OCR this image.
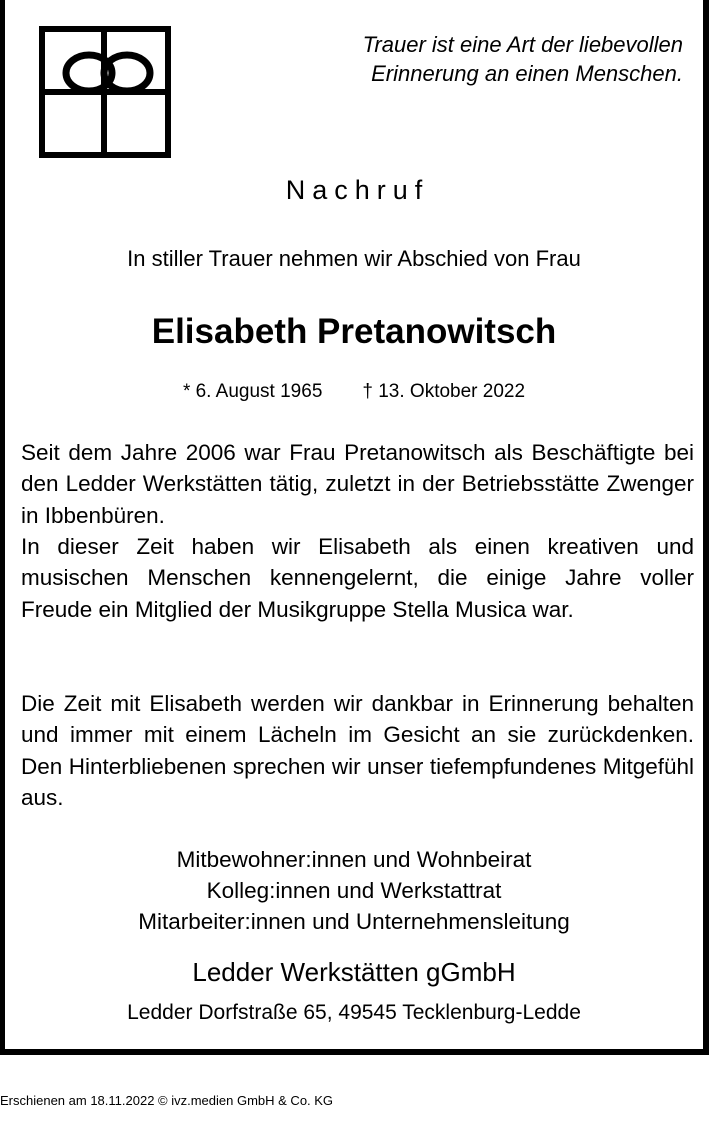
Trauer ist eine Art der liebevollen
Erinnerung an einen Menschen.
Nachruf
In stiller Trauer nehmen wir Abschied von Frau
Elisabeth Pretanowitsch
* 6. August 1965 † 13. Oktober 2022
Seit dem Jahre 2006 war Frau Pretanowitsch als Beschäftigte bei den Ledder Werkstätten tätig, zuletzt in der Betriebsstätte Zwenger in Ibbenbüren.
In dieser Zeit haben wir Elisabeth als einen kreativen und musischen Menschen kennengelernt, die einige Jahre voller Freude ein Mitglied der Musikgruppe Stella Musica war.
Die Zeit mit Elisabeth werden wir dankbar in Erinnerung behalten und immer mit einem Lächeln im Gesicht an sie zurückdenken. Den Hinterbliebenen sprechen wir unser tiefempfundenes Mitgefühl aus.
Mitbewohner:innen und Wohnbeirat
Kolleg:innen und Werkstattrat
Mitarbeiter:innen und Unternehmensleitung
Ledder Werkstätten gGmbH
Ledder Dorfstraße 65, 49545 Tecklenburg-Ledde
Erschienen am 18.11.2022 © ivz.medien GmbH & Co. KG
